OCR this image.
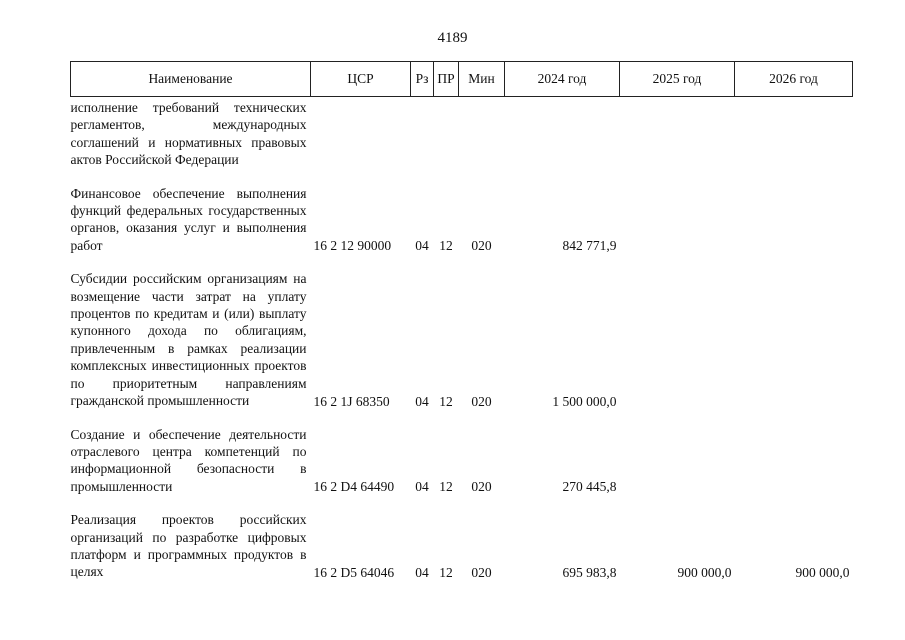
4189
Наименование	ЦСР	Рз	ПР	Мин	2024 год	2025 год	2026 год
исполнение требований технических регламентов, международных соглашений и нормативных правовых актов Российской Федерации							

Финансовое обеспечение выполнения функций федеральных государственных органов, оказания услуг и выполнения работ	16 2 12 90000	04	12	020	842 771,9		

Субсидии российским организациям на возмещение части затрат на уплату процентов по кредитам и (или) выплату купонного дохода по облигациям, привлеченным в рамках реализации комплексных инвестиционных проектов по приоритетным направлениям гражданской промышленности	16 2 1J 68350	04	12	020	1 500 000,0		

Создание и обеспечение деятельности отраслевого центра компетенций по информационной безопасности в промышленности	16 2 D4 64490	04	12	020	270 445,8		

Реализация проектов российских организаций по разработке цифровых платформ и программных продуктов в целях	16 2 D5 64046	04	12	020	695 983,8	900 000,0	900 000,0
